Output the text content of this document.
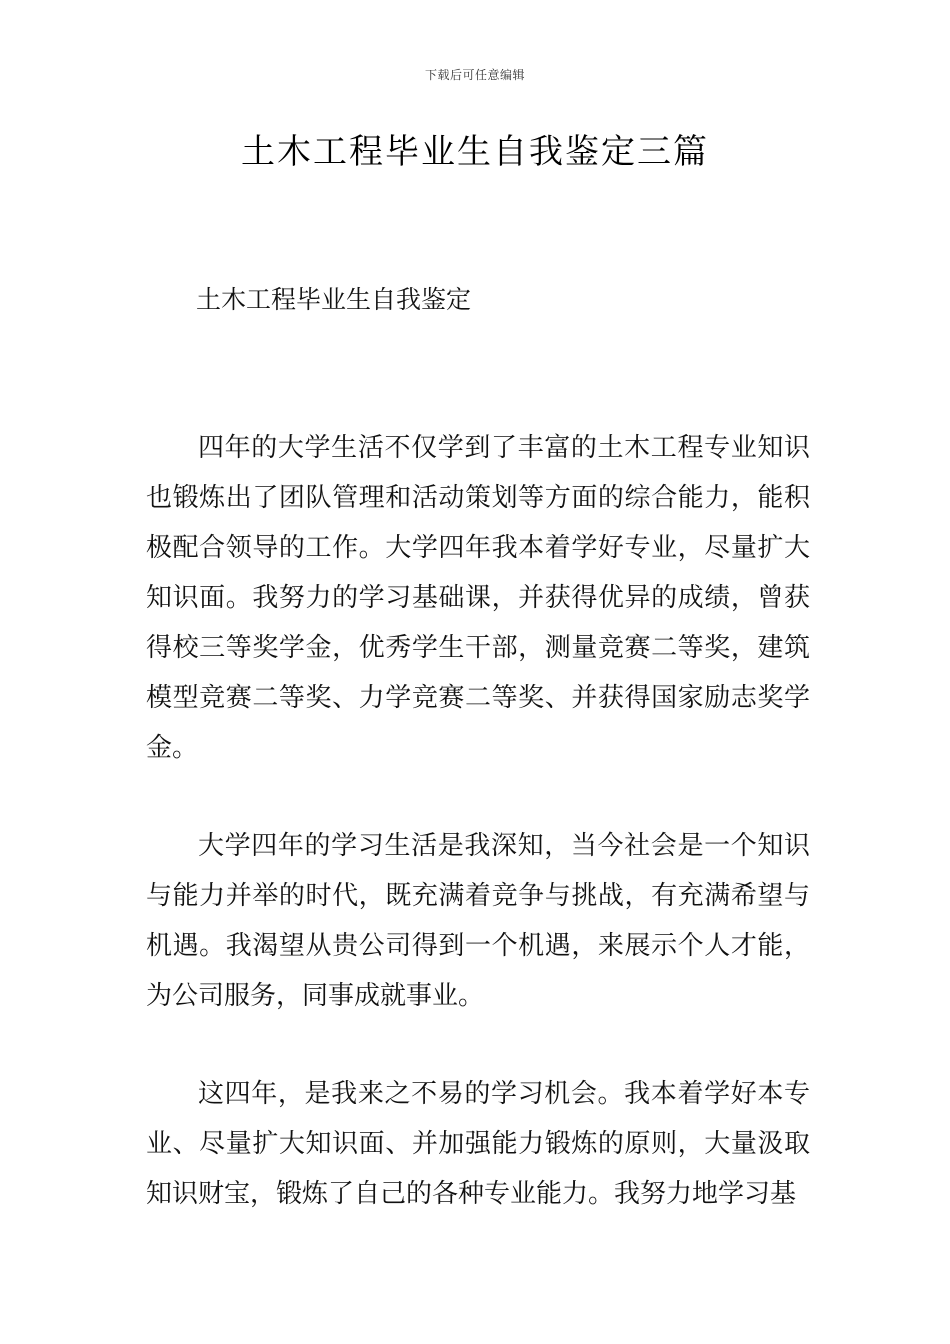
下载后可任意编辑
土木工程毕业生自我鉴定三篇
土木工程毕业生自我鉴定

四年的大学生活不仅学到了丰富的土木工程专业知识也锻炼出了团队管理和活动策划等方面的综合能力，能积极配合领导的工作。大学四年我本着学好专业，尽量扩大知识面。我努力的学习基础课，并获得优异的成绩，曾获得校三等奖学金，优秀学生干部，测量竞赛二等奖，建筑模型竞赛二等奖、力学竞赛二等奖、并获得国家励志奖学金。

大学四年的学习生活是我深知，当今社会是一个知识与能力并举的时代，既充满着竞争与挑战，有充满希望与机遇。我渴望从贵公司得到一个机遇，来展示个人才能，为公司服务，同事成就事业。

这四年，是我来之不易的学习机会。我本着学好本专业、尽量扩大知识面、并加强能力锻炼的原则，大量汲取知识财宝，锻炼了自己的各种专业能力。我努力地学习基
